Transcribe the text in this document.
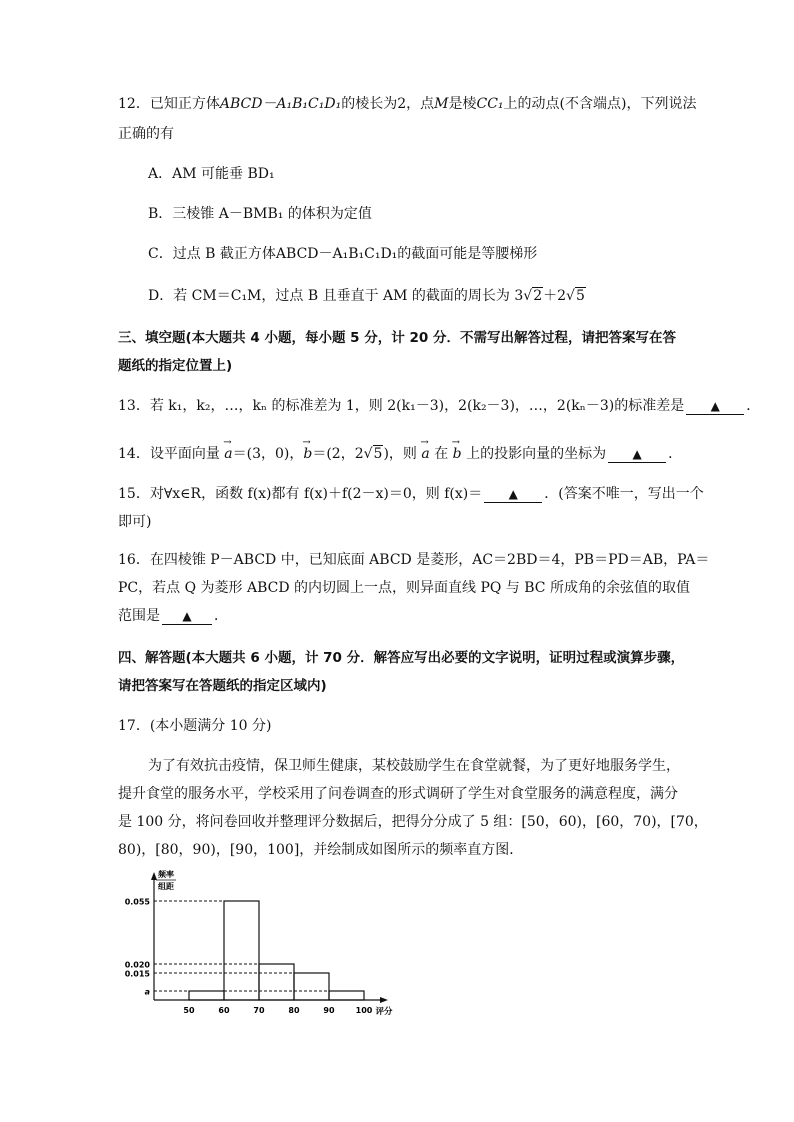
12．已知正方体ABCD－A₁B₁C₁D₁的棱长为2，点M是棱CC₁上的动点(不含端点)，下列说法
正确的有
A．AM 可能垂 BD₁
B．三棱锥 A－BMB₁ 的体积为定值
C．过点 B 截正方体ABCD－A₁B₁C₁D₁的截面可能是等腰梯形
D．若 CM＝C₁M，过点 B 且垂直于 AM 的截面的周长为 3√2＋2√5
三、填空题(本大题共 4 小题，每小题 5 分，计 20 分．不需写出解答过程，请把答案写在答
题纸的指定位置上)
13．若 k₁，k₂，…，kₙ 的标准差为 1，则 2(k₁－3)，2(k₂－3)，…，2(kₙ－3)的标准差是 ▲ ．
14．设平面向量 → a＝(3，0)，→ b＝(2，2√5)，则 → a 在 → b 上的投影向量的坐标为 ▲ ．
15．对∀x∈R，函数 f(x)都有 f(x)＋f(2－x)＝0，则 f(x)＝ ▲ ．(答案不唯一，写出一个
即可)
16．在四棱锥 P－ABCD 中，已知底面 ABCD 是菱形，AC＝2BD＝4，PB＝PD＝AB，PA＝
PC，若点 Q 为菱形 ABCD 的内切圆上一点，则异面直线 PQ 与 BC 所成角的余弦值的取值
范围是 ▲ ．
四、解答题(本大题共 6 小题，计 70 分．解答应写出必要的文字说明，证明过程或演算步骤，
请把答案写在答题纸的指定区域内)
17．(本小题满分 10 分)
为了有效抗击疫情，保卫师生健康，某校鼓励学生在食堂就餐，为了更好地服务学生，
提升食堂的服务水平，学校采用了问卷调查的形式调研了学生对食堂服务的满意程度，满分
是 100 分，将问卷回收并整理评分数据后，把得分分成了 5 组：[50，60)，[60，70)，[70，
80)，[80，90)，[90，100]，并绘制成如图所示的频率直方图．
0.055
0.020
0.015
a
50	60	70	80	90	100 评分
频率
组距
